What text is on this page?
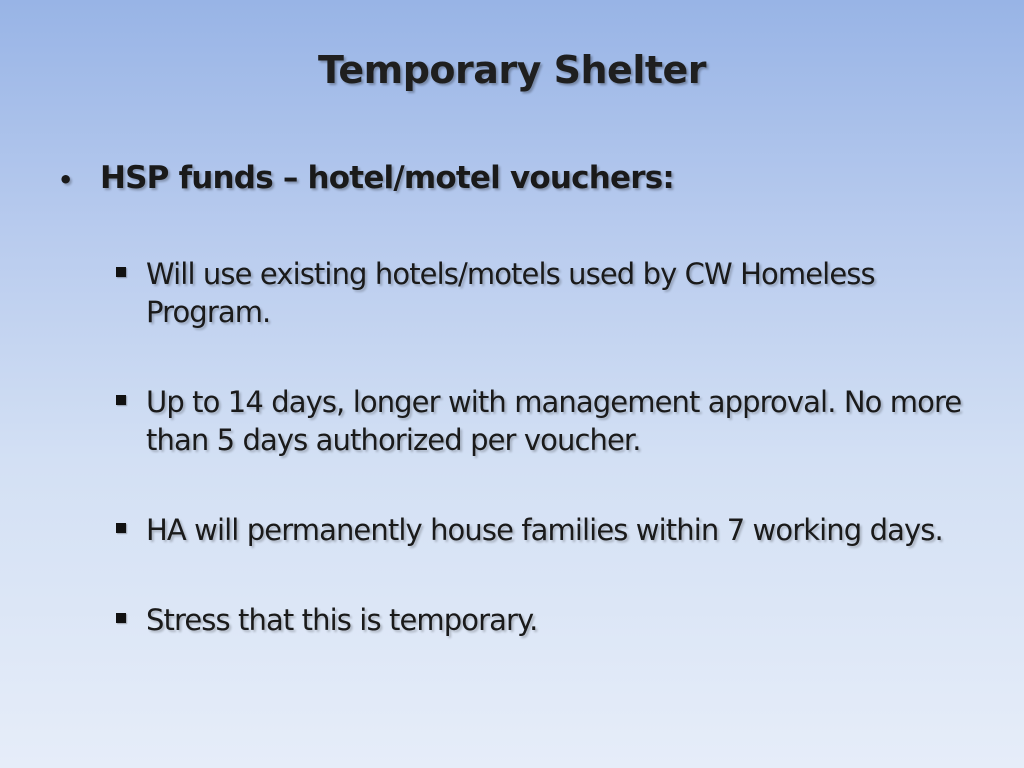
Temporary Shelter
• HSP funds – hotel/motel vouchers:
Will use existing hotels/motels used by CW Homeless Program.
Up to 14 days, longer with management approval. No more than 5 days authorized per voucher.
HA will permanently house families within 7 working days.
Stress that this is temporary.
